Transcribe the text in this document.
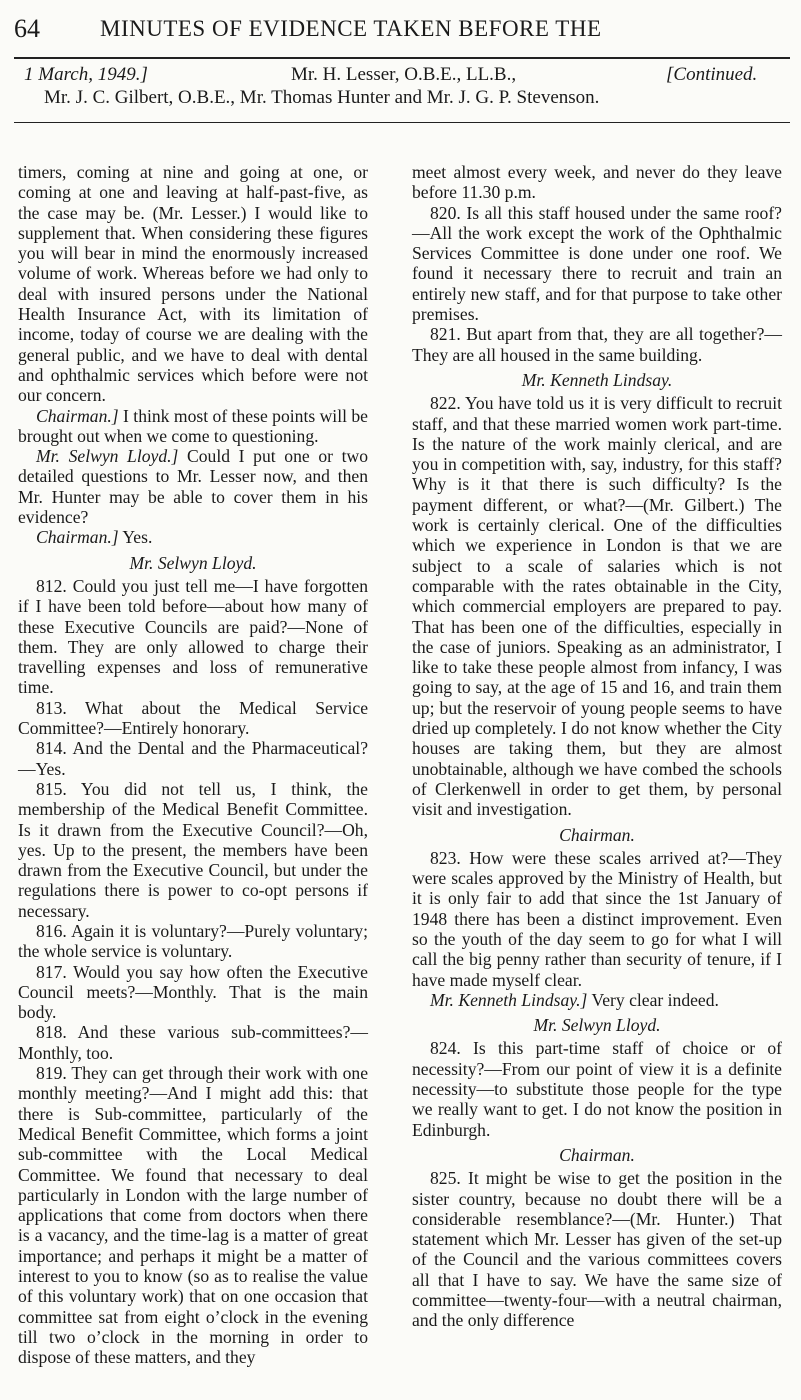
64	MINUTES OF EVIDENCE TAKEN BEFORE THE
1 March, 1949.]	Mr. H. Lesser, O.B.E., LL.B.,	[Continued.
Mr. J. C. Gilbert, O.B.E., Mr. Thomas Hunter and Mr. J. G. P. Stevenson.

timers, coming at nine and going at one, or coming at one and leaving at half-past-five, as the case may be. (Mr. Lesser.) I would like to supplement that. When considering these figures you will bear in mind the enormously increased volume of work. Whereas before we had only to deal with insured persons under the National Health Insurance Act, with its limitation of income, today of course we are dealing with the general public, and we have to deal with dental and ophthalmic services which before were not our concern.

Chairman.] I think most of these points will be brought out when we come to questioning.

Mr. Selwyn Lloyd.] Could I put one or two detailed questions to Mr. Lesser now, and then Mr. Hunter may be able to cover them in his evidence?

Chairman.] Yes.

Mr. Selwyn Lloyd.

812. Could you just tell me—I have forgotten if I have been told before—about how many of these Executive Councils are paid?—None of them. They are only allowed to charge their travelling expenses and loss of remunerative time.

813. What about the Medical Service Committee?—Entirely honorary.

814. And the Dental and the Pharmaceutical?—Yes.

815. You did not tell us, I think, the membership of the Medical Benefit Committee. Is it drawn from the Executive Council?—Oh, yes. Up to the present, the members have been drawn from the Executive Council, but under the regulations there is power to co-opt persons if necessary.

816. Again it is voluntary?—Purely voluntary; the whole service is voluntary.

817. Would you say how often the Executive Council meets?—Monthly. That is the main body.

818. And these various sub-committees?—Monthly, too.

819. They can get through their work with one monthly meeting?—And I might add this: that there is Sub-committee, particularly of the Medical Benefit Committee, which forms a joint sub-committee with the Local Medical Committee. We found that necessary to deal particularly in London with the large number of applications that come from doctors when there is a vacancy, and the time-lag is a matter of great importance; and perhaps it might be a matter of interest to you to know (so as to realise the value of this voluntary work) that on one occasion that committee sat from eight o’clock in the evening till two o’clock in the morning in order to dispose of these matters, and they

meet almost every week, and never do they leave before 11.30 p.m.

820. Is all this staff housed under the same roof?—All the work except the work of the Ophthalmic Services Committee is done under one roof. We found it necessary there to recruit and train an entirely new staff, and for that purpose to take other premises.

821. But apart from that, they are all together?—They are all housed in the same building.

Mr. Kenneth Lindsay.

822. You have told us it is very difficult to recruit staff, and that these married women work part-time. Is the nature of the work mainly clerical, and are you in competition with, say, industry, for this staff? Why is it that there is such difficulty? Is the payment different, or what?—(Mr. Gilbert.) The work is certainly clerical. One of the difficulties which we experience in London is that we are subject to a scale of salaries which is not comparable with the rates obtainable in the City, which commercial employers are prepared to pay. That has been one of the difficulties, especially in the case of juniors. Speaking as an administrator, I like to take these people almost from infancy, I was going to say, at the age of 15 and 16, and train them up; but the reservoir of young people seems to have dried up completely. I do not know whether the City houses are taking them, but they are almost unobtainable, although we have combed the schools of Clerkenwell in order to get them, by personal visit and investigation.

Chairman.

823. How were these scales arrived at?—They were scales approved by the Ministry of Health, but it is only fair to add that since the 1st January of 1948 there has been a distinct improvement. Even so the youth of the day seem to go for what I will call the big penny rather than security of tenure, if I have made myself clear.

Mr. Kenneth Lindsay.] Very clear indeed.

Mr. Selwyn Lloyd.

824. Is this part-time staff of choice or of necessity?—From our point of view it is a definite necessity—to substitute those people for the type we really want to get. I do not know the position in Edinburgh.

Chairman.

825. It might be wise to get the position in the sister country, because no doubt there will be a considerable resemblance?—(Mr. Hunter.) That statement which Mr. Lesser has given of the set-up of the Council and the various committees covers all that I have to say. We have the same size of committee—twenty-four—with a neutral chairman, and the only difference
